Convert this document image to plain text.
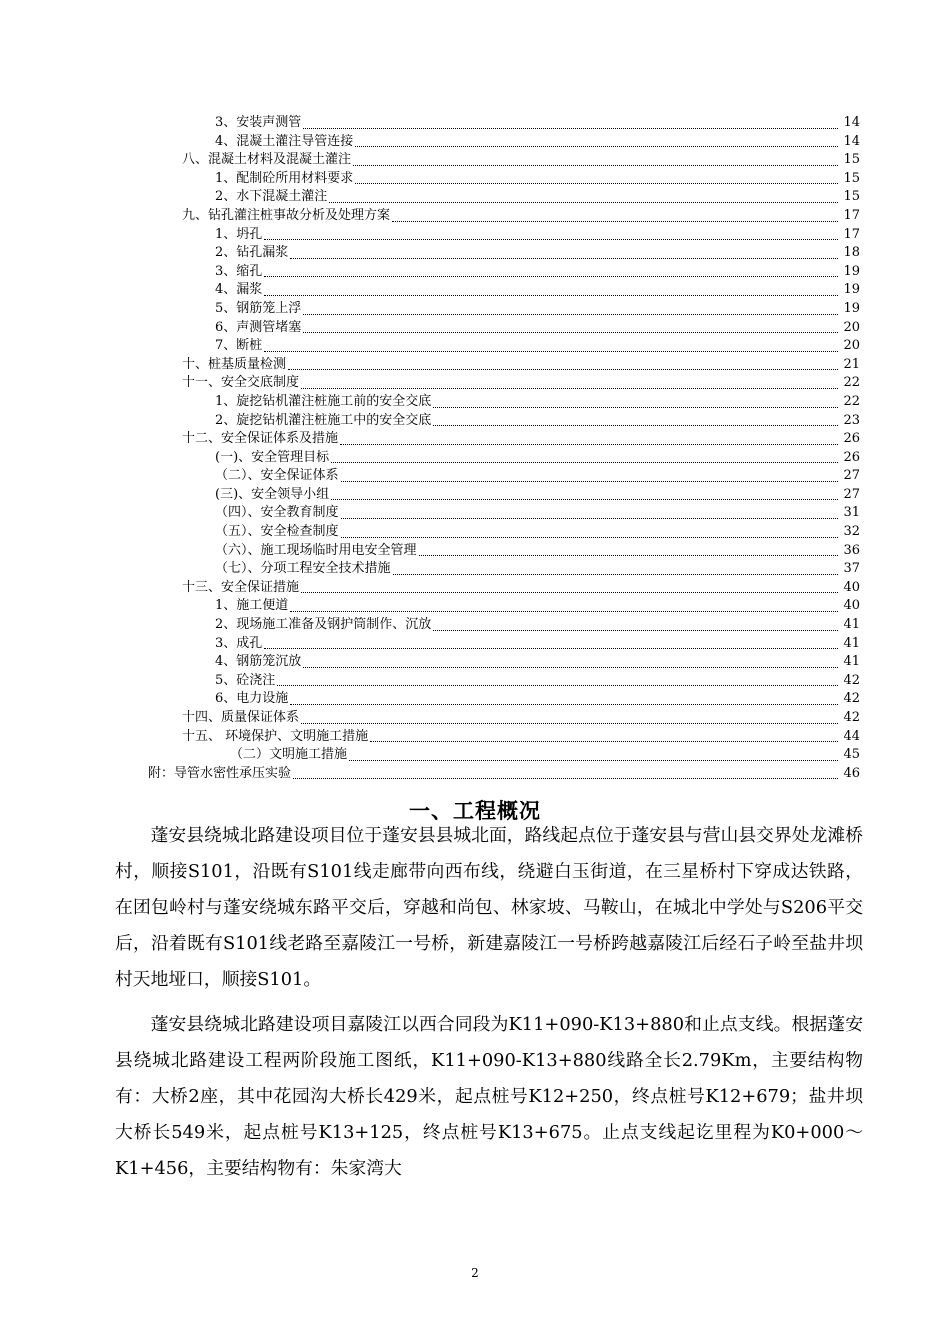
3、安装声测管	14
4、混凝土灌注导管连接	14
八、混凝土材料及混凝土灌注	15
1、配制砼所用材料要求	15
2、水下混凝土灌注	15
九、钻孔灌注桩事故分析及处理方案	17
1、坍孔	17
2、钻孔漏浆	18
3、缩孔	19
4、漏浆	19
5、钢筋笼上浮	19
6、声测管堵塞	20
7、断桩	20
十、桩基质量检测	21
十一、安全交底制度	22
1、旋挖钻机灌注桩施工前的安全交底	22
2、旋挖钻机灌注桩施工中的安全交底	23
十二、安全保证体系及措施	26
(一)、安全管理目标	26
（二）、安全保证体系	27
(三)、安全领导小组	27
（四）、安全教育制度	31
（五）、安全检查制度	32
（六）、施工现场临时用电安全管理	36
（七）、分项工程安全技术措施	37
十三、安全保证措施	40
1、施工便道	40
2、现场施工准备及钢护筒制作、沉放	41
3、成孔	41
4、钢筋笼沉放	41
5、砼浇注	42
6、电力设施	42
十四、质量保证体系	42
十五、 环境保护、文明施工措施	44
（二）文明施工措施	45
附：导管水密性承压实验	46
一、工程概况

蓬安县绕城北路建设项目位于蓬安县县城北面，路线起点位于蓬安县与营山县交界处龙滩桥村，顺接S101，沿既有S101线走廊带向西布线，绕避白玉街道，在三星桥村下穿成达铁路，在团包岭村与蓬安绕城东路平交后，穿越和尚包、林家坡、马鞍山，在城北中学处与S206平交后，沿着既有S101线老路至嘉陵江一号桥，新建嘉陵江一号桥跨越嘉陵江后经石子岭至盐井坝村天地垭口，顺接S101。

蓬安县绕城北路建设项目嘉陵江以西合同段为K11+090-K13+880和止点支线。根据蓬安县绕城北路建设工程两阶段施工图纸，K11+090-K13+880线路全长2.79Km，主要结构物有：大桥2座，其中花园沟大桥长429米，起点桩号K12+250，终点桩号K12+679；盐井坝大桥长549米，起点桩号K13+125，终点桩号K13+675。止点支线起讫里程为K0+000～K1+456，主要结构物有：朱家湾大

2
